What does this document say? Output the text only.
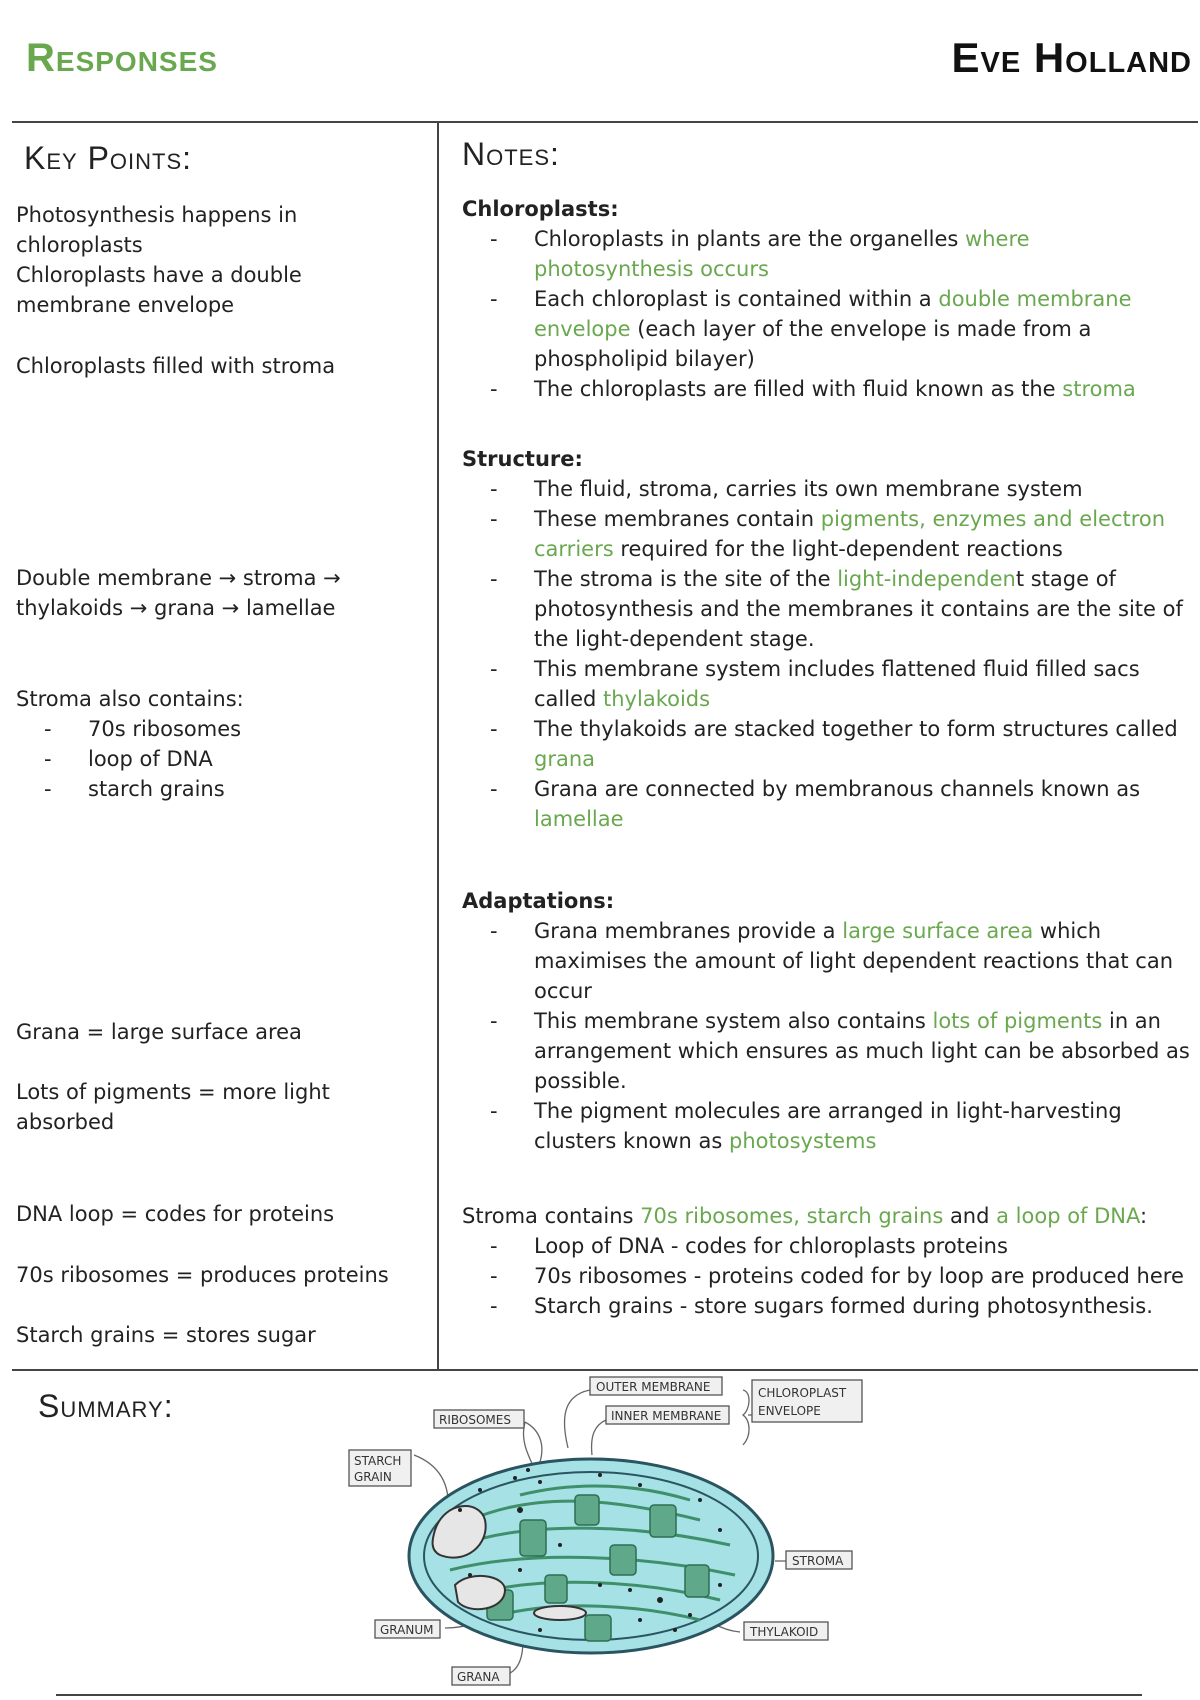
Responses	Eve Holland
Key Points:	Notes:
Summary:
Photosynthesis happens in chloroplasts
Chloroplasts have a double membrane envelope
Chloroplasts filled with stroma
Double membrane → stroma → thylakoids → grana → lamellae
Stroma also contains:
- 70s ribosomes
- loop of DNA
- starch grains
Grana = large surface area
Lots of pigments = more light absorbed
DNA loop = codes for proteins
70s ribosomes = produces proteins
Starch grains = stores sugar
Chloroplasts:
- Chloroplasts in plants are the organelles where photosynthesis occurs
- Each chloroplast is contained within a double membrane envelope (each layer of the envelope is made from a phospholipid bilayer)
- The chloroplasts are filled with fluid known as the stroma
Structure:
- The fluid, stroma, carries its own membrane system
- These membranes contain pigments, enzymes and electron carriers required for the light-dependent reactions
- The stroma is the site of the light-independent stage of photosynthesis and the membranes it contains are the site of the light-dependent stage.
- This membrane system includes flattened fluid filled sacs called thylakoids
- The thylakoids are stacked together to form structures called grana
- Grana are connected by membranous channels known as lamellae
Adaptations:
- Grana membranes provide a large surface area which maximises the amount of light dependent reactions that can occur
- This membrane system also contains lots of pigments in an arrangement which ensures as much light can be absorbed as possible.
- The pigment molecules are arranged in light-harvesting clusters known as photosystems
Stroma contains 70s ribosomes, starch grains and a loop of DNA:
- Loop of DNA - codes for chloroplasts proteins
- 70s ribosomes - proteins coded for by loop are produced here
- Starch grains - store sugars formed during photosynthesis.
OUTER MEMBRANE
INNER MEMBRANE
CHLOROPLAST
ENVELOPE
RIBOSOMES
STARCH
GRAIN
STROMA
GRANUM	THYLAKOID
GRANA
